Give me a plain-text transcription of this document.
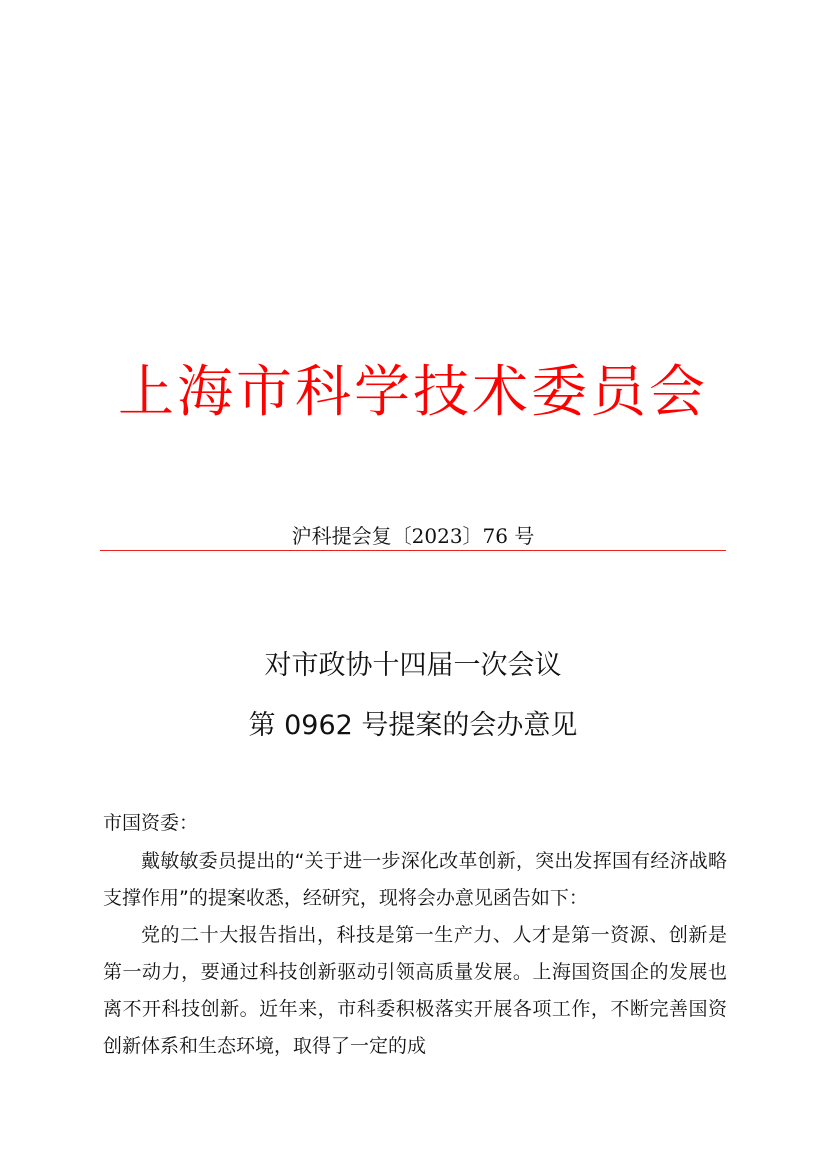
上海市科学技术委员会
沪科提会复〔2023〕76 号
对市政协十四届一次会议
第 0962 号提案的会办意见
市国资委：

戴敏敏委员提出的“关于进一步深化改革创新，突出发挥国有经济战略支撑作用”的提案收悉，经研究，现将会办意见函告如下：

党的二十大报告指出，科技是第一生产力、人才是第一资源、创新是第一动力，要通过科技创新驱动引领高质量发展。上海国资国企的发展也离不开科技创新。近年来，市科委积极落实开展各项工作，不断完善国资创新体系和生态环境，取得了一定的成
